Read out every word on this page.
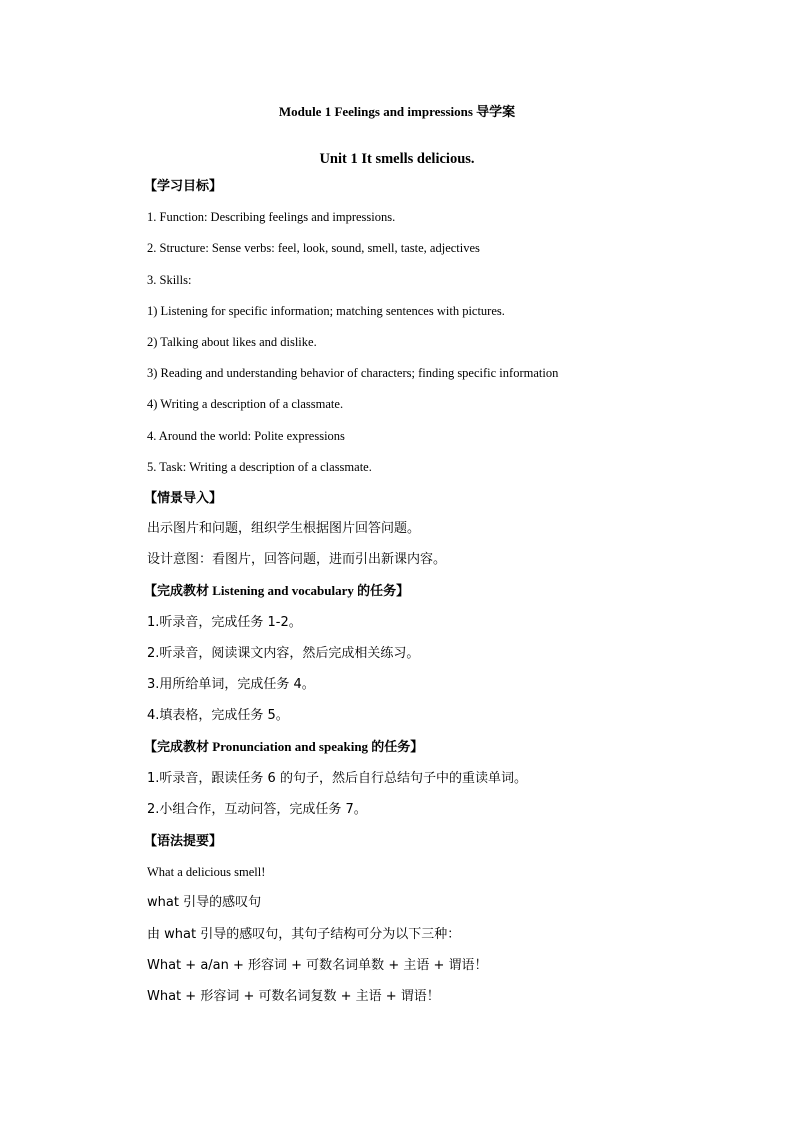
Module 1 Feelings and impressions 导学案
Unit 1 It smells delicious.
【学习目标】
1. Function: Describing feelings and impressions.
2. Structure: Sense verbs: feel, look, sound, smell, taste, adjectives
3. Skills:
1) Listening for specific information; matching sentences with pictures.
2) Talking about likes and dislike.
3) Reading and understanding behavior of characters; finding specific information
4) Writing a description of a classmate.
4. Around the world: Polite expressions
5. Task: Writing a description of a classmate.
【情景导入】
出示图片和问题，组织学生根据图片回答问题。
设计意图：看图片，回答问题，进而引出新课内容。
【完成教材 Listening and vocabulary 的任务】
1.听录音，完成任务 1-2。
2.听录音，阅读课文内容，然后完成相关练习。
3.用所给单词，完成任务 4。
4.填表格，完成任务 5。
【完成教材 Pronunciation and speaking 的任务】
1.听录音，跟读任务 6 的句子，然后自行总结句子中的重读单词。
2.小组合作，互动问答，完成任务 7。
【语法提要】
What a delicious smell!
what 引导的感叹句
由 what 引导的感叹句，其句子结构可分为以下三种：
What + a/an + 形容词 + 可数名词单数 + 主语 + 谓语！
What + 形容词 + 可数名词复数 + 主语 + 谓语！
